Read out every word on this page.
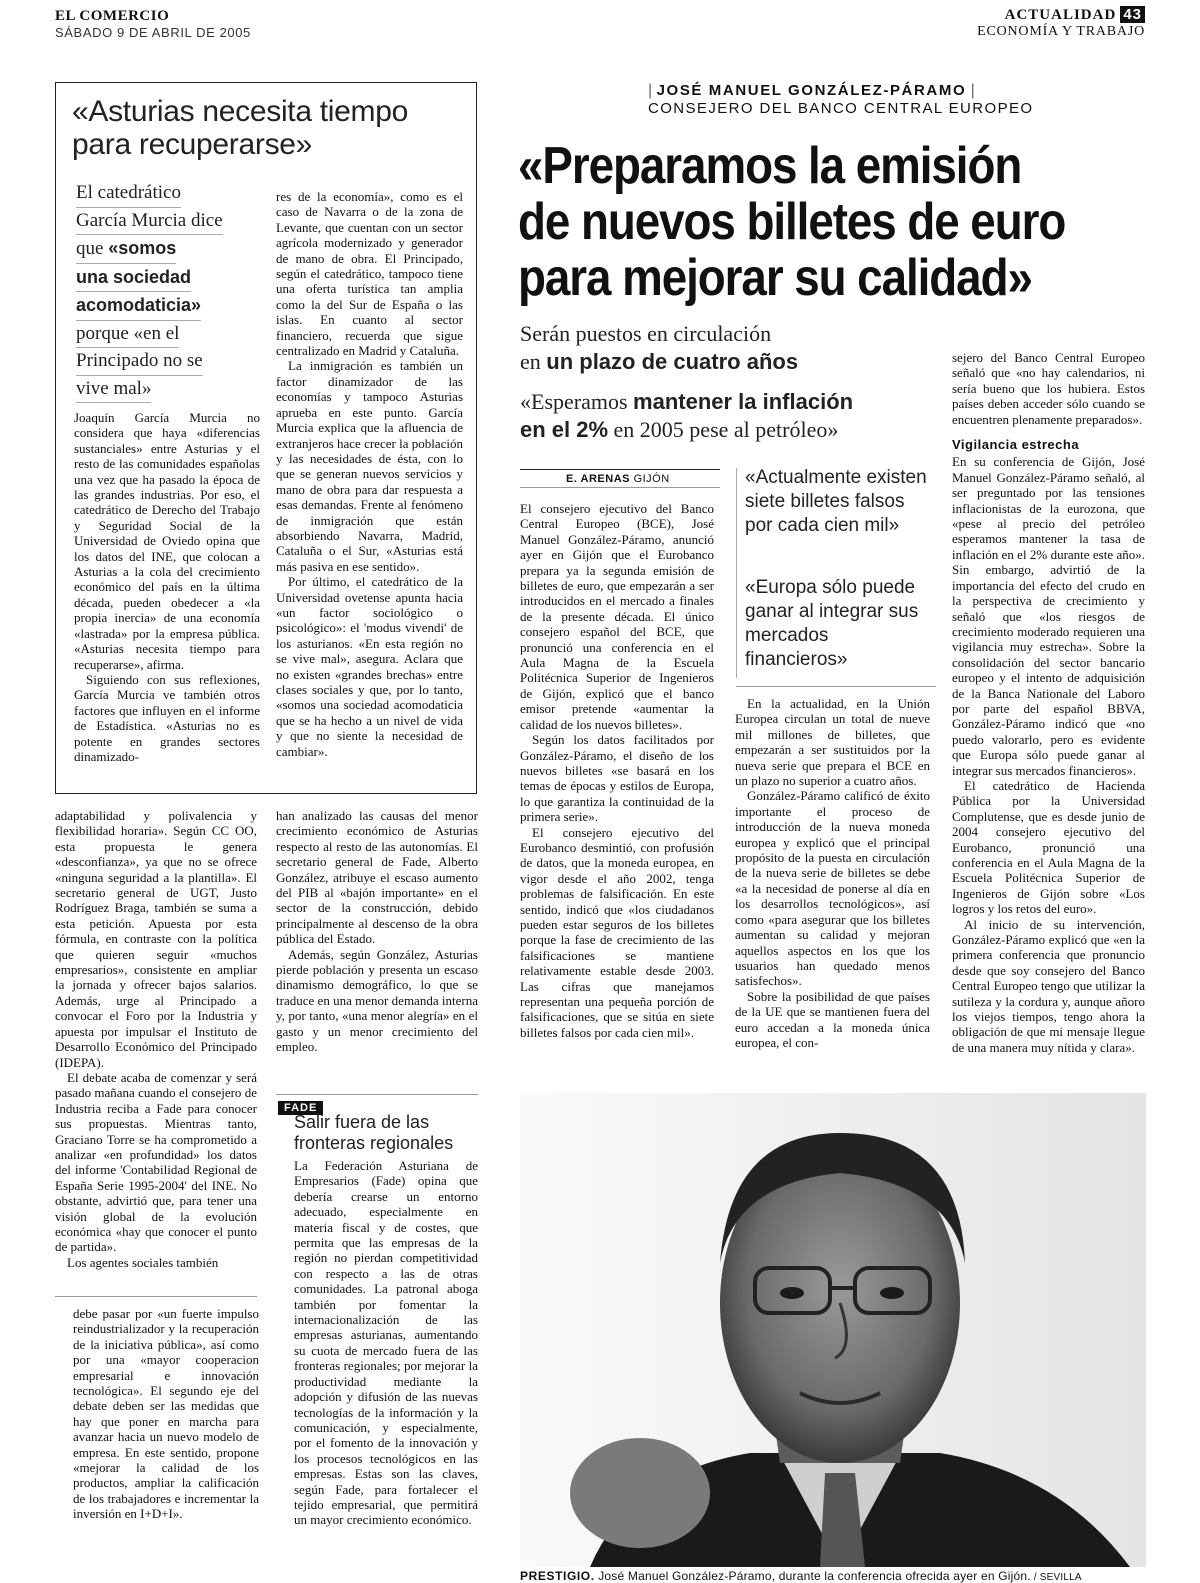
EL COMERCIO
SÁBADO 9 DE ABRIL DE 2005
ACTUALIDAD 43
ECONOMÍA Y TRABAJO
«Asturias necesita tiempo para recuperarse»
El catedrático
García Murcia dice
que «somos
una sociedad
acomodaticia»
porque «en el
Principado no se
vive mal»

Joaquín García Murcia no considera que haya «diferencias sustanciales» entre Asturias y el resto de las comunidades españolas una vez que ha pasado la época de las grandes industrias. Por eso, el catedrático de Derecho del Trabajo y Seguridad Social de la Universidad de Oviedo opina que los datos del INE, que colocan a Asturias a la cola del crecimiento económico del país en la última década, pueden obedecer a «la propia inercia» de una economía «lastrada» por la empresa pública. «Asturias necesita tiempo para recuperarse», afirma.

Siguiendo con sus reflexiones, García Murcia ve también otros factores que influyen en el informe de Estadística. «Asturias no es potente en grandes sectores dinamizado-

res de la economía», como es el caso de Navarra o de la zona de Levante, que cuentan con un sector agrícola modernizado y generador de mano de obra. El Principado, según el catedrático, tampoco tiene una oferta turística tan amplia como la del Sur de España o las islas. En cuanto al sector financiero, recuerda que sigue centralizado en Madrid y Cataluña.

La inmigración es también un factor dinamizador de las economías y tampoco Asturias aprueba en este punto. García Murcia explica que la afluencia de extranjeros hace crecer la población y las necesidades de ésta, con lo que se generan nuevos servicios y mano de obra para dar respuesta a esas demandas. Frente al fenómeno de inmigración que están absorbiendo Navarra, Madrid, Cataluña o el Sur, «Asturias está más pasiva en ese sentido».

Por último, el catedrático de la Universidad ovetense apunta hacia «un factor sociológico o psicológico»: el 'modus vivendi' de los asturianos. «En esta región no se vive mal», asegura. Aclara que no existen «grandes brechas» entre clases sociales y que, por lo tanto, «somos una sociedad acomodaticia que se ha hecho a un nivel de vida y que no siente la necesidad de cambiar».

adaptabilidad y polivalencia y flexibilidad horaria». Según CC OO, esta propuesta le genera «desconfianza», ya que no se ofrece «ninguna seguridad a la plantilla». El secretario general de UGT, Justo Rodríguez Braga, también se suma a esta petición. Apuesta por esta fórmula, en contraste con la política que quieren seguir «muchos empresarios», consistente en ampliar la jornada y ofrecer bajos salarios. Además, urge al Principado a convocar el Foro por la Industria y apuesta por impulsar el Instituto de Desarrollo Económico del Principado (IDEPA).

El debate acaba de comenzar y será pasado mañana cuando el consejero de Industria reciba a Fade para conocer sus propuestas. Mientras tanto, Graciano Torre se ha comprometido a analizar «en profundidad» los datos del informe 'Contabilidad Regional de España Serie 1995-2004' del INE. No obstante, advirtió que, para tener una visión global de la evolución económica «hay que conocer el punto de partida».

Los agentes sociales también

han analizado las causas del menor crecimiento económico de Asturias respecto al resto de las autonomías. El secretario general de Fade, Alberto González, atribuye el escaso aumento del PIB al «bajón importante» en el sector de la construcción, debido principalmente al descenso de la obra pública del Estado.

Además, según González, Asturias pierde población y presenta un escaso dinamismo demográfico, lo que se traduce en una menor demanda interna y, por tanto, «una menor alegría» en el gasto y un menor crecimiento del empleo.

debe pasar por «un fuerte impulso reindustrializador y la recuperación de la iniciativa pública», así como por una «mayor cooperacion empresarial e innovación tecnológica». El segundo eje del debate deben ser las medidas que hay que poner en marcha para avanzar hacia un nuevo modelo de empresa. En este sentido, propone «mejorar la calidad de los productos, ampliar la calificación de los trabajadores e incrementar la inversión en I+D+I».

FADE
Salir fuera de las fronteras regionales

La Federación Asturiana de Empresarios (Fade) opina que debería crearse un entorno adecuado, especialmente en materia fiscal y de costes, que permita que las empresas de la región no pierdan competitividad con respecto a las de otras comunidades. La patronal aboga también por fomentar la internacionalización de las empresas asturianas, aumentando su cuota de mercado fuera de las fronteras regionales; por mejorar la productividad mediante la adopción y difusión de las nuevas tecnologías de la información y la comunicación, y especialmente, por el fomento de la innovación y los procesos tecnológicos en las empresas. Estas son las claves, según Fade, para fortalecer el tejido empresarial, que permitirá un mayor crecimiento económico.

| JOSÉ MANUEL GONZÁLEZ-PÁRAMO |
CONSEJERO DEL BANCO CENTRAL EUROPEO
«Preparamos la emisión
de nuevos billetes de euro
para mejorar su calidad»
Serán puestos en circulación
en un plazo de cuatro años
«Esperamos mantener la inflación
en el 2% en 2005 pese al petróleo»
E. ARENAS GIJÓN

El consejero ejecutivo del Banco Central Europeo (BCE), José Manuel González-Páramo, anunció ayer en Gijón que el Eurobanco prepara ya la segunda emisión de billetes de euro, que empezarán a ser introducidos en el mercado a finales de la presente década. El único consejero español del BCE, que pronunció una conferencia en el Aula Magna de la Escuela Politécnica Superior de Ingenieros de Gijón, explicó que el banco emisor pretende «aumentar la calidad de los nuevos billetes».

Según los datos facilitados por González-Páramo, el diseño de los nuevos billetes «se basará en los temas de épocas y estilos de Europa, lo que garantiza la continuidad de la primera serie».

El consejero ejecutivo del Eurobanco desmintió, con profusión de datos, que la moneda europea, en vigor desde el año 2002, tenga problemas de falsificación. En este sentido, indicó que «los ciudadanos pueden estar seguros de los billetes porque la fase de crecimiento de las falsificaciones se mantiene relativamente estable desde 2003. Las cifras que manejamos representan una pequeña porción de falsificaciones, que se sitúa en siete billetes falsos por cada cien mil».

«Actualmente existen siete billetes falsos por cada cien mil»
«Europa sólo puede ganar al integrar sus mercados financieros»

En la actualidad, en la Unión Europea circulan un total de nueve mil millones de billetes, que empezarán a ser sustituidos por la nueva serie que prepara el BCE en un plazo no superior a cuatro años.

González-Páramo calificó de éxito importante el proceso de introducción de la nueva moneda europea y explicó que el principal propósito de la puesta en circulación de la nueva serie de billetes se debe «a la necesidad de ponerse al día en los desarrollos tecnológicos», así como «para asegurar que los billetes aumentan su calidad y mejoran aquellos aspectos en los que los usuarios han quedado menos satisfechos».

Sobre la posibilidad de que países de la UE que se mantienen fuera del euro accedan a la moneda única europea, el con-

sejero del Banco Central Europeo señaló que «no hay calendarios, ni sería bueno que los hubiera. Estos países deben acceder sólo cuando se encuentren plenamente preparados».

Vigilancia estrecha

En su conferencia de Gijón, José Manuel González-Páramo señaló, al ser preguntado por las tensiones inflacionistas de la eurozona, que «pese al precio del petróleo esperamos mantener la tasa de inflación en el 2% durante este año». Sin embargo, advirtió de la importancia del efecto del crudo en la perspectiva de crecimiento y señaló que «los riesgos de crecimiento moderado requieren una vigilancia muy estrecha». Sobre la consolidación del sector bancario europeo y el intento de adquisición de la Banca Nationale del Laboro por parte del español BBVA, González-Páramo indicó que «no puedo valorarlo, pero es evidente que Europa sólo puede ganar al integrar sus mercados financieros».

El catedrático de Hacienda Pública por la Universidad Complutense, que es desde junio de 2004 consejero ejecutivo del Eurobanco, pronunció una conferencia en el Aula Magna de la Escuela Politécnica Superior de Ingenieros de Gijón sobre «Los logros y los retos del euro».

Al inicio de su intervención, González-Páramo explicó que «en la primera conferencia que pronuncio desde que soy consejero del Banco Central Europeo tengo que utilizar la sutileza y la cordura y, aunque añoro los viejos tiempos, tengo ahora la obligación de que mi mensaje llegue de una manera muy nítida y clara».

PRESTIGIO. José Manuel González-Páramo, durante la conferencia ofrecida ayer en Gijón. / SEVILLA
